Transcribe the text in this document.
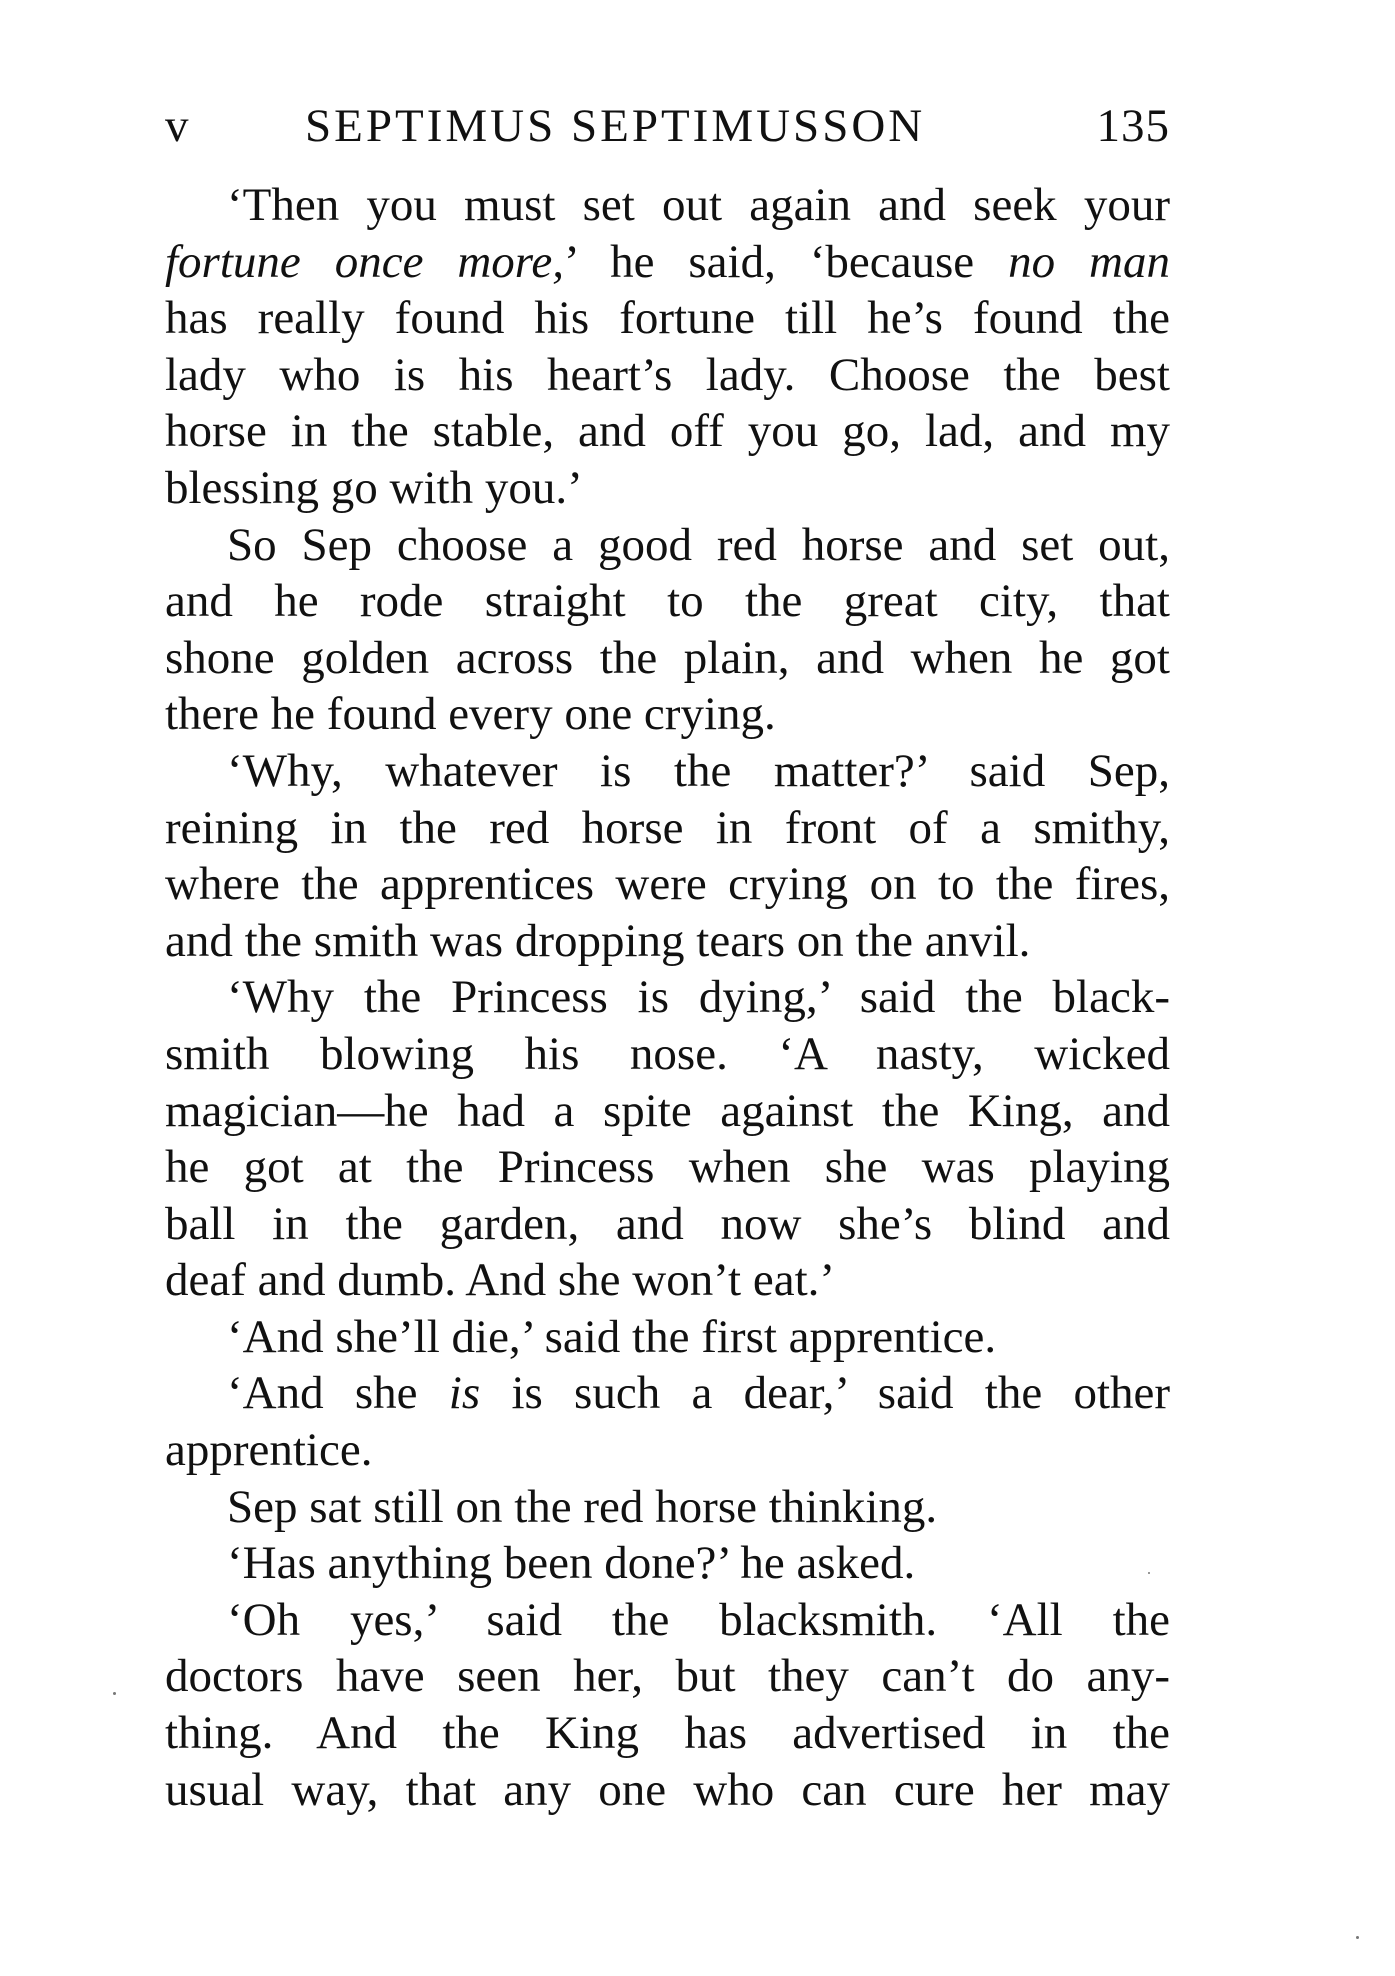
v SEPTIMUS SEPTIMUSSON	135
‘Then you must set out again and seek your
fortune once more,’ he said, ‘because no man
has really found his fortune till he’s found the
lady who is his heart’s lady. Choose the best
horse in the stable, and off you go, lad, and my
blessing go with you.’
So Sep choose a good red horse and set out,
and he rode straight to the great city, that
shone golden across the plain, and when he got
there he found every one crying.
‘Why, whatever is the matter?’ said Sep,
reining in the red horse in front of a smithy,
where the apprentices were crying on to the fires,
and the smith was dropping tears on the anvil.
‘Why the Princess is dying,’ said the black-
smith blowing his nose. ‘A nasty, wicked
magician—he had a spite against the King, and
he got at the Princess when she was playing
ball in the garden, and now she’s blind and
deaf and dumb. And she won’t eat.’
‘And she’ll die,’ said the first apprentice.
‘And she is is such a dear,’ said the other
apprentice.
Sep sat still on the red horse thinking.
‘Has anything been done?’ he asked.
‘Oh yes,’ said the blacksmith. ‘All the
doctors have seen her, but they can’t do any-
thing. And the King has advertised in the
usual way, that any one who can cure her may
